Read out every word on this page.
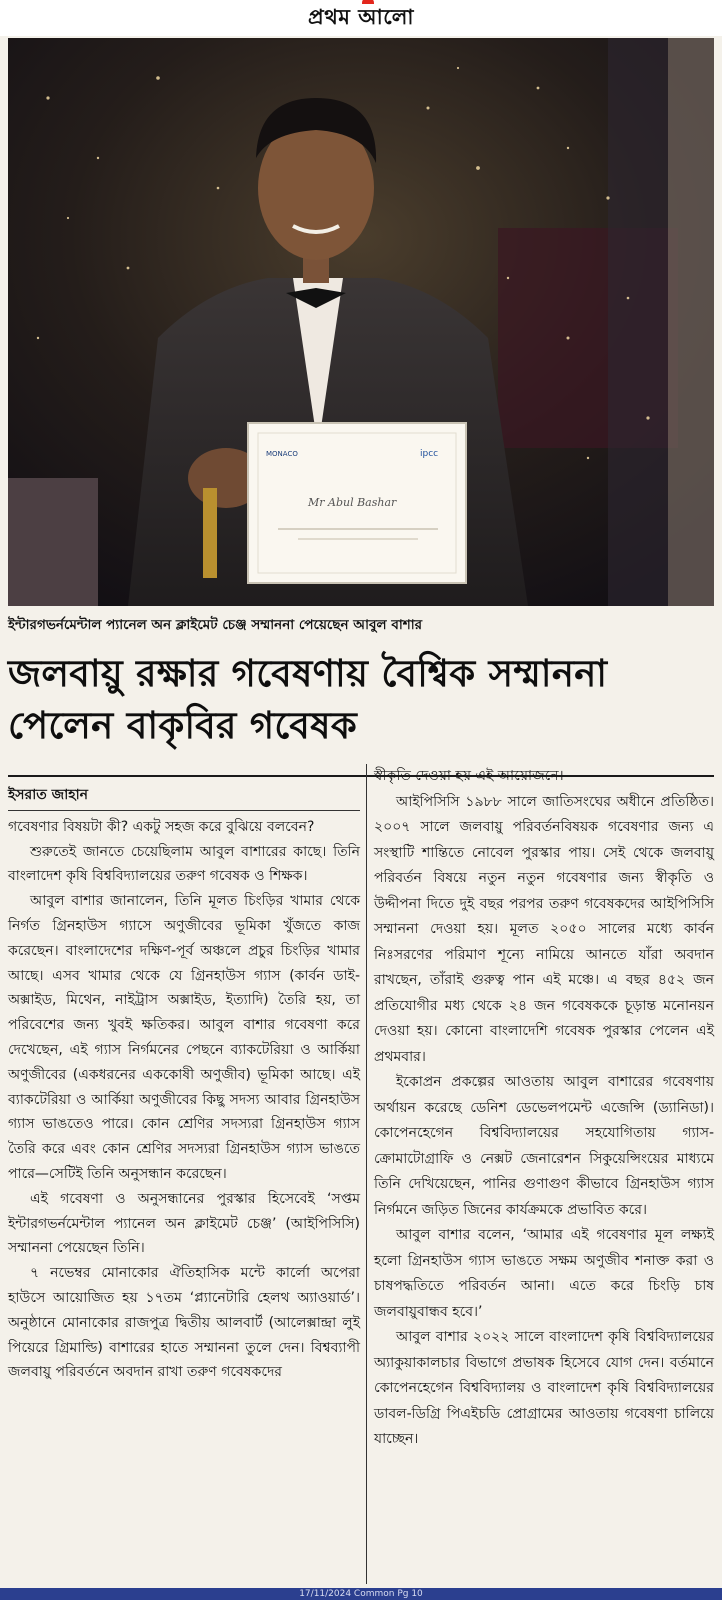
প্রথম আলো
MONACO	ipcc
Mr Abul Bashar
ইন্টারগভর্নমেন্টাল প্যানেল অন ক্লাইমেট চেঞ্জ সম্মাননা পেয়েছেন আবুল বাশার
জলবায়ু রক্ষার গবেষণায় বৈশ্বিক সম্মাননা
পেলেন বাকৃবির গবেষক
ইসরাত জাহান

গবেষণার বিষয়টা কী? একটু সহজ করে বুঝিয়ে বলবেন?

শুরুতেই জানতে চেয়েছিলাম আবুল বাশারের কাছে। তিনি বাংলাদেশ কৃষি বিশ্ববিদ্যালয়ের তরুণ গবেষক ও শিক্ষক।

আবুল বাশার জানালেন, তিনি মূলত চিংড়ির খামার থেকে নির্গত গ্রিনহাউস গ্যাসে অণুজীবের ভূমিকা খুঁজতে কাজ করেছেন। বাংলাদেশের দক্ষিণ-পূর্ব অঞ্চলে প্রচুর চিংড়ির খামার আছে। এসব খামার থেকে যে গ্রিনহাউস গ্যাস (কার্বন ডাই-অক্সাইড, মিথেন, নাইট্রাস অক্সাইড, ইত্যাদি) তৈরি হয়, তা পরিবেশের জন্য খুবই ক্ষতিকর। আবুল বাশার গবেষণা করে দেখেছেন, এই গ্যাস নির্গমনের পেছনে ব্যাকটেরিয়া ও আর্কিয়া অণুজীবের (একধরনের এককোষী অণুজীব) ভূমিকা আছে। এই ব্যাকটেরিয়া ও আর্কিয়া অণুজীবের কিছু সদস্য আবার গ্রিনহাউস গ্যাস ভাঙতেও পারে। কোন শ্রেণির সদস্যরা গ্রিনহাউস গ্যাস তৈরি করে এবং কোন শ্রেণির সদস্যরা গ্রিনহাউস গ্যাস ভাঙতে পারে—সেটিই তিনি অনুসন্ধান করেছেন।

এই গবেষণা ও অনুসন্ধানের পুরস্কার হিসেবেই ‘সপ্তম ইন্টারগভর্নমেন্টাল প্যানেল অন ক্লাইমেট চেঞ্জ’ (আইপিসিসি) সম্মাননা পেয়েছেন তিনি।

৭ নভেম্বর মোনাকোর ঐতিহাসিক মন্টে কার্লো অপেরা হাউসে আয়োজিত হয় ১৭তম ‘প্ল্যানেটারি হেলথ অ্যাওয়ার্ড’। অনুষ্ঠানে মোনাকোর রাজপুত্র দ্বিতীয় আলবার্ট (আলেক্সান্দ্রা লুই পিয়েরে গ্রিমাল্ডি) বাশারের হাতে সম্মাননা তুলে দেন। বিশ্বব্যাপী জলবায়ু পরিবর্তনে অবদান রাখা তরুণ গবেষকদের

স্বীকৃতি দেওয়া হয় এই আয়োজনে।

আইপিসিসি ১৯৮৮ সালে জাতিসংঘের অধীনে প্রতিষ্ঠিত। ২০০৭ সালে জলবায়ু পরিবর্তনবিষয়ক গবেষণার জন্য এ সংস্থাটি শান্তিতে নোবেল পুরস্কার পায়। সেই থেকে জলবায়ু পরিবর্তন বিষয়ে নতুন নতুন গবেষণার জন্য স্বীকৃতি ও উদ্দীপনা দিতে দুই বছর পরপর তরুণ গবেষকদের আইপিসিসি সম্মাননা দেওয়া হয়। মূলত ২০৫০ সালের মধ্যে কার্বন নিঃসরণের পরিমাণ শূন্যে নামিয়ে আনতে যাঁরা অবদান রাখছেন, তাঁরাই গুরুত্ব পান এই মঞ্চে। এ বছর ৪৫২ জন প্রতিযোগীর মধ্য থেকে ২৪ জন গবেষককে চূড়ান্ত মনোনয়ন দেওয়া হয়। কোনো বাংলাদেশি গবেষক পুরস্কার পেলেন এই প্রথমবার।

ইকোপ্রন প্রকল্পের আওতায় আবুল বাশারের গবেষণায় অর্থায়ন করেছে ডেনিশ ডেভেলপমেন্ট এজেন্সি (ড্যানিডা)। কোপেনহেগেন বিশ্ববিদ্যালয়ের সহযোগিতায় গ্যাস-ক্রোমাটোগ্রাফি ও নেক্সট জেনারেশন সিকুয়েন্সিংয়ের মাধ্যমে তিনি দেখিয়েছেন, পানির গুণাগুণ কীভাবে গ্রিনহাউস গ্যাস নির্গমনে জড়িত জিনের কার্যক্রমকে প্রভাবিত করে।

আবুল বাশার বলেন, ‘আমার এই গবেষণার মূল লক্ষ্যই হলো গ্রিনহাউস গ্যাস ভাঙতে সক্ষম অণুজীব শনাক্ত করা ও চাষপদ্ধতিতে পরিবর্তন আনা। এতে করে চিংড়ি চাষ জলবায়ুবান্ধব হবে।’

আবুল বাশার ২০২২ সালে বাংলাদেশ কৃষি বিশ্ববিদ্যালয়ের অ্যাকুয়াকালচার বিভাগে প্রভাষক হিসেবে যোগ দেন। বর্তমানে কোপেনহেগেন বিশ্ববিদ্যালয় ও বাংলাদেশ কৃষি বিশ্ববিদ্যালয়ের ডাবল-ডিগ্রি পিএইচডি প্রোগ্রামের আওতায় গবেষণা চালিয়ে যাচ্ছেন।

17/11/2024 Common Pg 10
